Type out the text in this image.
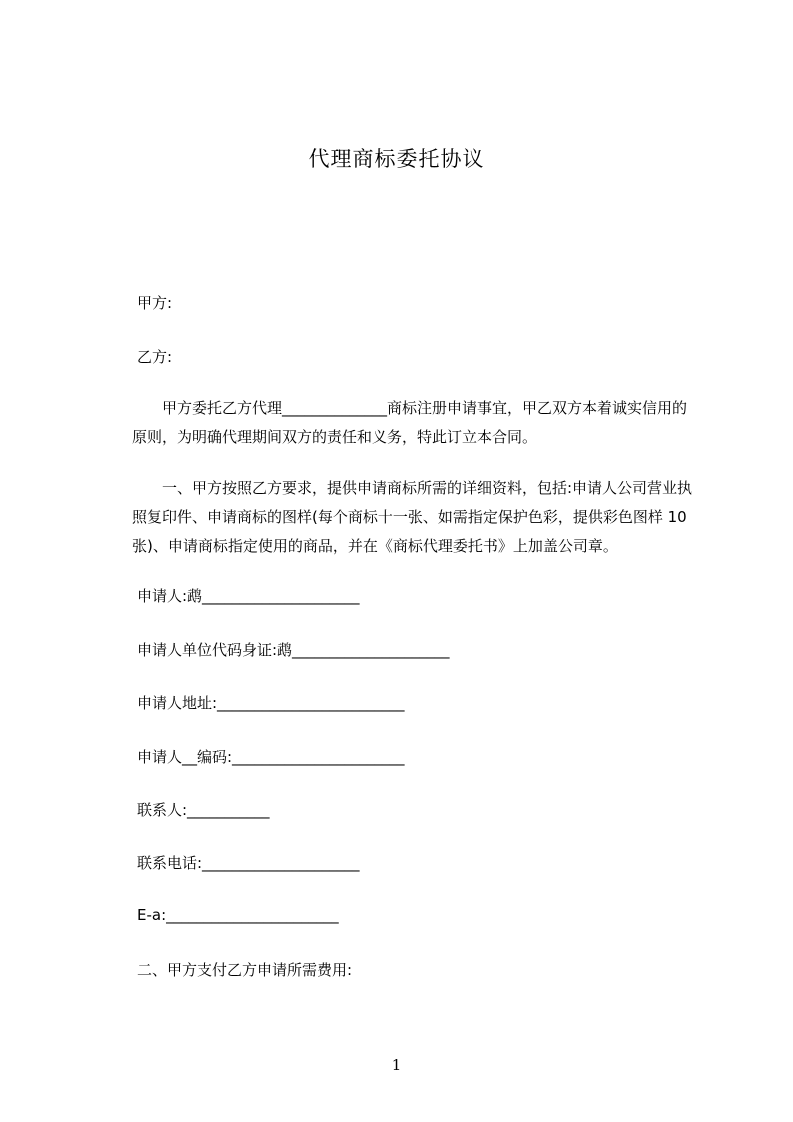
代理商标委托协议
甲方:
乙方:
甲方委托乙方代理______________商标注册申请事宜，甲乙双方本着诚实信用的
原则，为明确代理期间双方的责任和义务，特此订立本合同。
一、甲方按照乙方要求，提供申请商标所需的详细资料，包括:申请人公司营业执
照复印件、申请商标的图样(每个商标十一张、如需指定保护色彩，提供彩色图样 10
张)、申请商标指定使用的商品，并在《商标代理委托书》上加盖公司章。
申请人:鹉_____________________
申请人单位代码身证:鹉_____________________
申请人地址:_________________________
申请人__编码:_______________________
联系人:___________
联系电话:_____________________
E-a:_______________________
二、甲方支付乙方申请所需费用:
1
